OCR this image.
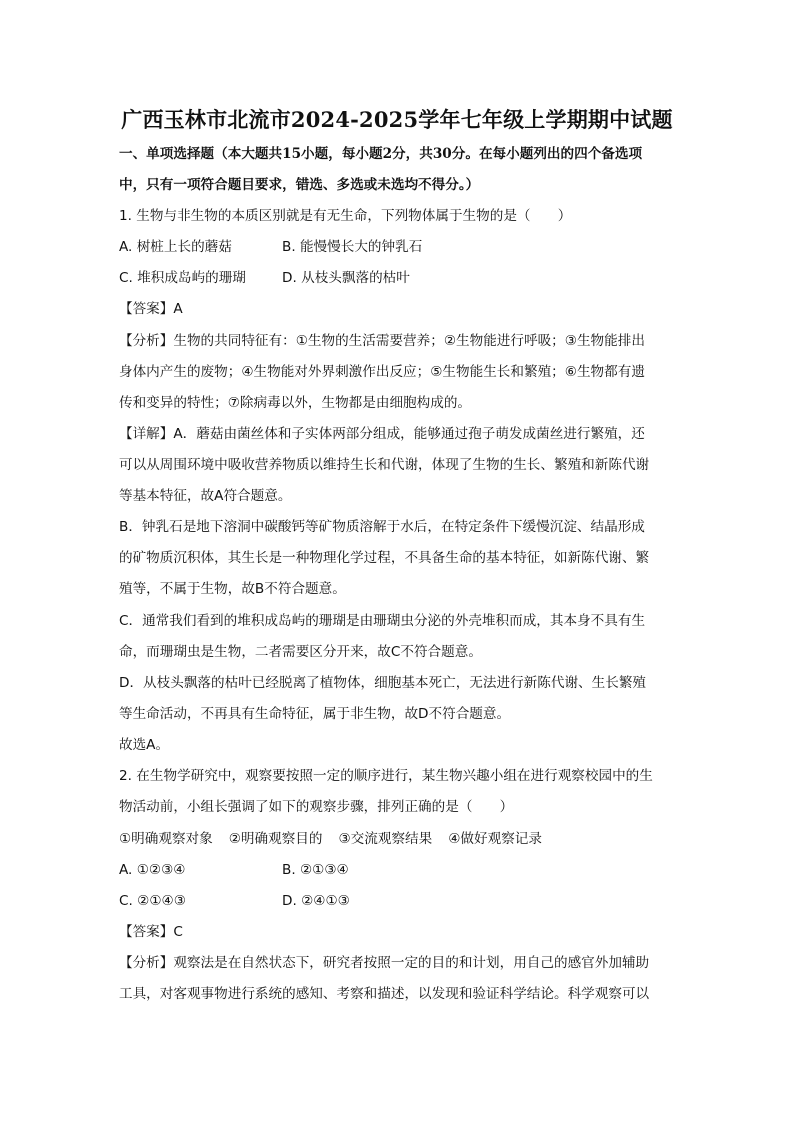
广西玉林市北流市2024-2025学年七年级上学期期中试题
一、单项选择题（本大题共15小题，每小题2分，共30分。在每小题列出的四个备选项
中，只有一项符合题目要求，错选、多选或未选均不得分。）
1. 生物与非生物的本质区别就是有无生命，下列物体属于生物的是（　　）
A. 树桩上长的蘑菇	B. 能慢慢长大的钟乳石
C. 堆积成岛屿的珊瑚	D. 从枝头飘落的枯叶
【答案】A
【分析】生物的共同特征有：①生物的生活需要营养；②生物能进行呼吸；③生物能排出
身体内产生的废物；④生物能对外界刺激作出反应；⑤生物能生长和繁殖；⑥生物都有遗
传和变异的特性；⑦除病毒以外，生物都是由细胞构成的。
【详解】A．蘑菇由菌丝体和子实体两部分组成，能够通过孢子萌发成菌丝进行繁殖，还
可以从周围环境中吸收营养物质以维持生长和代谢，体现了生物的生长、繁殖和新陈代谢
等基本特征，故A符合题意。
B．钟乳石是地下溶洞中碳酸钙等矿物质溶解于水后，在特定条件下缓慢沉淀、结晶形成
的矿物质沉积体，其生长是一种物理化学过程，不具备生命的基本特征，如新陈代谢、繁
殖等，不属于生物，故B不符合题意。
C．通常我们看到的堆积成岛屿的珊瑚是由珊瑚虫分泌的外壳堆积而成，其本身不具有生
命，而珊瑚虫是生物，二者需要区分开来，故C不符合题意。
D．从枝头飘落的枯叶已经脱离了植物体，细胞基本死亡，无法进行新陈代谢、生长繁殖
等生命活动，不再具有生命特征，属于非生物，故D不符合题意。
故选A。
2. 在生物学研究中，观察要按照一定的顺序进行，某生物兴趣小组在进行观察校园中的生
物活动前，小组长强调了如下的观察步骤，排列正确的是（　　）
①明确观察对象 ②明确观察目的 ③交流观察结果 ④做好观察记录
A. ①②③④	B. ②①③④
C. ②①④③	D. ②④①③
【答案】C
【分析】观察法是在自然状态下，研究者按照一定的目的和计划，用自己的感官外加辅助
工具，对客观事物进行系统的感知、考察和描述，以发现和验证科学结论。科学观察可以
